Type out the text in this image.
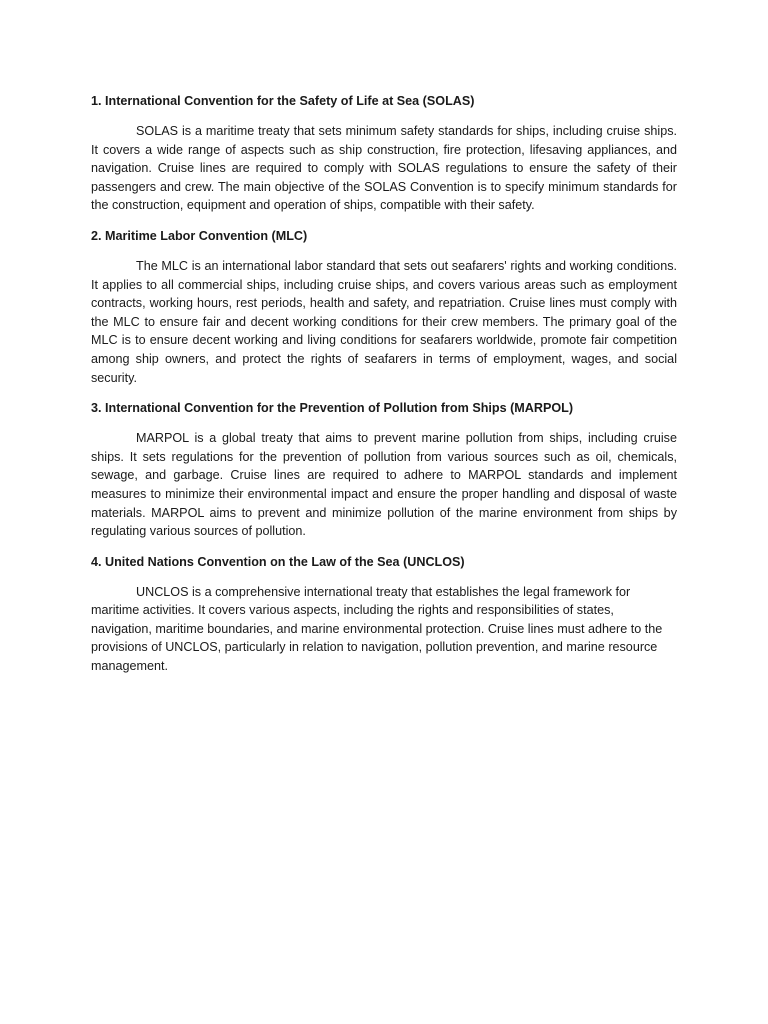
1. International Convention for the Safety of Life at Sea (SOLAS)

SOLAS is a maritime treaty that sets minimum safety standards for ships, including cruise ships. It covers a wide range of aspects such as ship construction, fire protection, lifesaving appliances, and navigation. Cruise lines are required to comply with SOLAS regulations to ensure the safety of their passengers and crew. The main objective of the SOLAS Convention is to specify minimum standards for the construction, equipment and operation of ships, compatible with their safety.

2. Maritime Labor Convention (MLC)

The MLC is an international labor standard that sets out seafarers' rights and working conditions. It applies to all commercial ships, including cruise ships, and covers various areas such as employment contracts, working hours, rest periods, health and safety, and repatriation. Cruise lines must comply with the MLC to ensure fair and decent working conditions for their crew members. The primary goal of the MLC is to ensure decent working and living conditions for seafarers worldwide, promote fair competition among ship owners, and protect the rights of seafarers in terms of employment, wages, and social security.

3. International Convention for the Prevention of Pollution from Ships (MARPOL)

MARPOL is a global treaty that aims to prevent marine pollution from ships, including cruise ships. It sets regulations for the prevention of pollution from various sources such as oil, chemicals, sewage, and garbage. Cruise lines are required to adhere to MARPOL standards and implement measures to minimize their environmental impact and ensure the proper handling and disposal of waste materials. MARPOL aims to prevent and minimize pollution of the marine environment from ships by regulating various sources of pollution.

4. United Nations Convention on the Law of the Sea (UNCLOS)

UNCLOS is a comprehensive international treaty that establishes the legal framework for maritime activities. It covers various aspects, including the rights and responsibilities of states, navigation, maritime boundaries, and marine environmental protection. Cruise lines must adhere to the provisions of UNCLOS, particularly in relation to navigation, pollution prevention, and marine resource management.
